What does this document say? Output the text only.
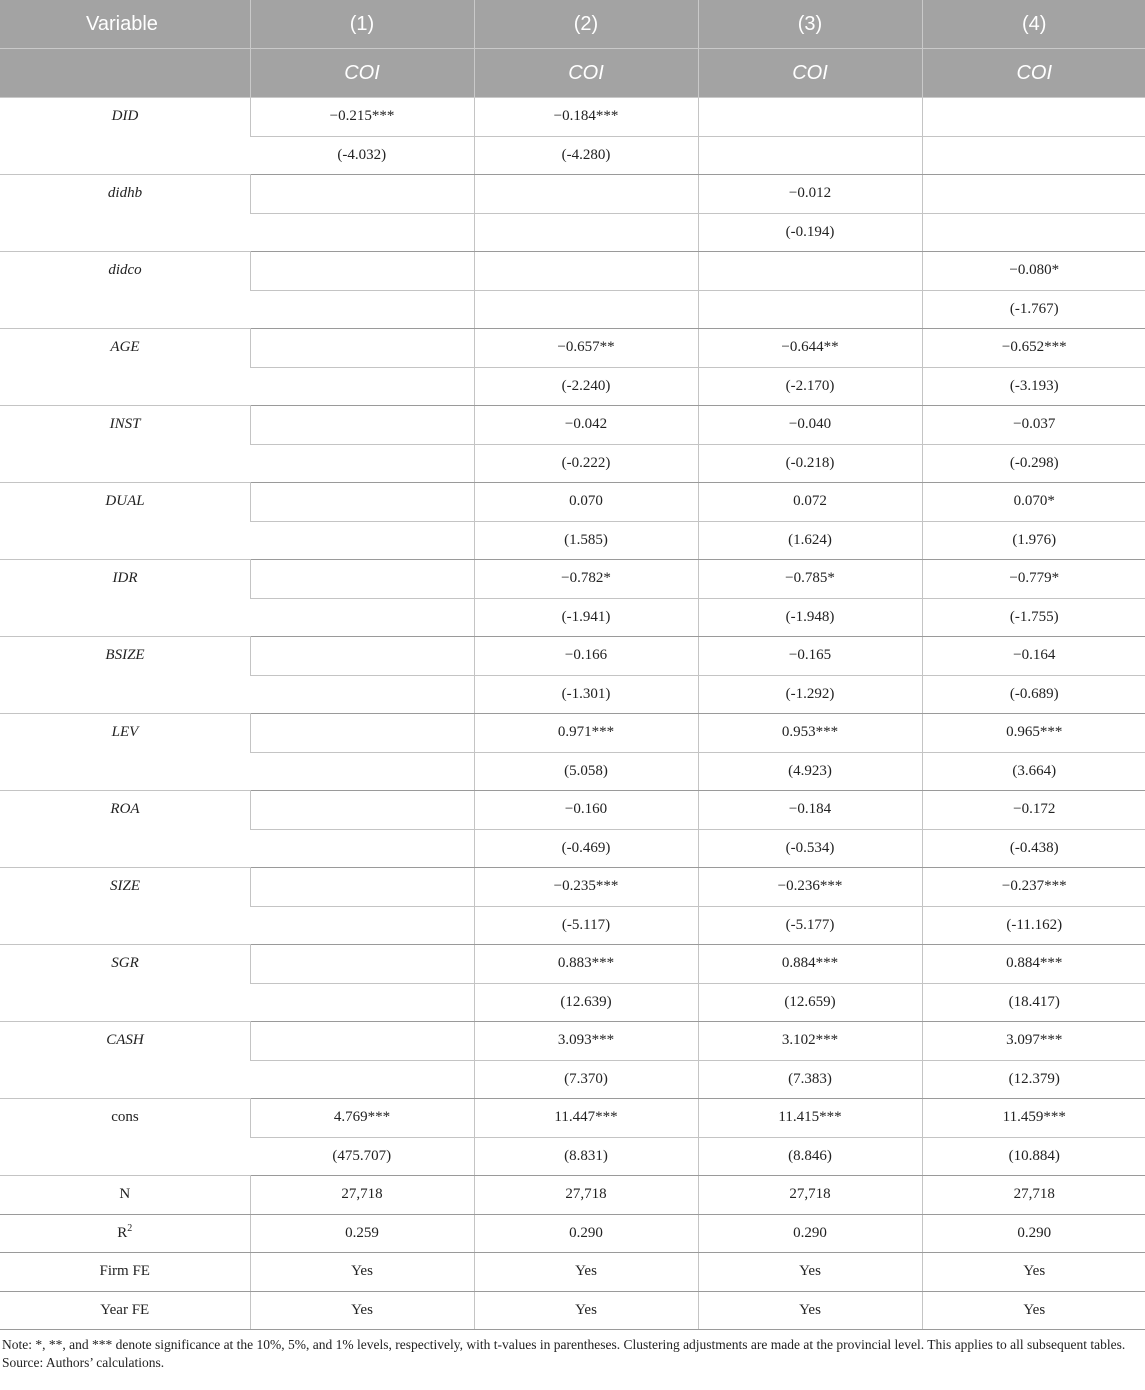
Variable	(1)	(2)	(3)	(4)
	COI	COI	COI	COI

DID	−0.215***	−0.184***		
	(-4.032)	(-4.280)		

didhb			−0.012	
			(-0.194)	

didco				−0.080*
				(-1.767)

AGE		−0.657**	−0.644**	−0.652***
		(-2.240)	(-2.170)	(-3.193)

INST		−0.042	−0.040	−0.037
		(-0.222)	(-0.218)	(-0.298)

DUAL		0.070	0.072	0.070*
		(1.585)	(1.624)	(1.976)

IDR		−0.782*	−0.785*	−0.779*
		(-1.941)	(-1.948)	(-1.755)

BSIZE		−0.166	−0.165	−0.164
		(-1.301)	(-1.292)	(-0.689)

LEV		0.971***	0.953***	0.965***
		(5.058)	(4.923)	(3.664)

ROA		−0.160	−0.184	−0.172
		(-0.469)	(-0.534)	(-0.438)

SIZE		−0.235***	−0.236***	−0.237***
		(-5.117)	(-5.177)	(-11.162)

SGR		0.883***	0.884***	0.884***
		(12.639)	(12.659)	(18.417)

CASH		3.093***	3.102***	3.097***
		(7.370)	(7.383)	(12.379)

cons	4.769***	11.447***	11.415***	11.459***
	(475.707)	(8.831)	(8.846)	(10.884)
N	27,718	27,718	27,718	27,718
$R^2$	0.259	0.290	0.290	0.290
Firm FE	Yes	Yes	Yes	Yes
Year FE	Yes	Yes	Yes	Yes

Note: *, **, and *** denote significance at the 10%, 5%, and 1% levels, respectively, with t-values in parentheses. Clustering adjustments are made at the provincial level. This applies to all subsequent tables.

Source: Authors’ calculations.
